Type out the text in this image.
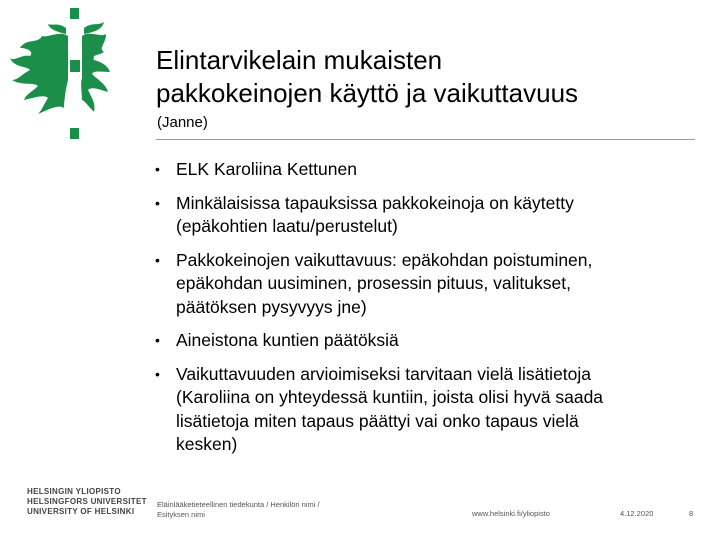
Elintarvikelain mukaisten
pakkokeinojen käyttö ja vaikuttavuus
(Janne)
• ELK Karoliina Kettunen
• Minkälaisissa tapauksissa pakkokeinoja on käytetty
(epäkohtien laatu/perustelut)
• Pakkokeinojen vaikuttavuus: epäkohdan poistuminen,
epäkohdan uusiminen, prosessin pituus, valitukset,
päätöksen pysyvyys jne)
• Aineistona kuntien päätöksiä
• Vaikuttavuuden arvioimiseksi tarvitaan vielä lisätietoja
(Karoliina on yhteydessä kuntiin, joista olisi hyvä saada
lisätietoja miten tapaus päättyi vai onko tapaus vielä
kesken)
HELSINGIN YLIOPISTO
HELSINGFORS UNIVERSITET
UNIVERSITY OF HELSINKI
Eläinlääketieteellinen tiedekunta / Henkilön nimi /
Esityksen nimi	www.helsinki.fi/yliopisto	4.12.2020	8
